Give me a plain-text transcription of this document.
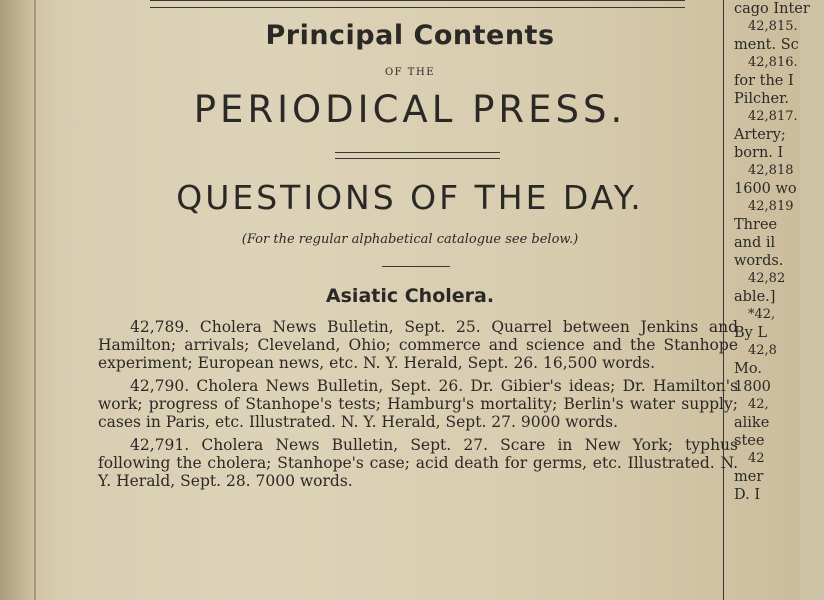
Principal Contents
OF THE
PERIODICAL PRESS.
QUESTIONS OF THE DAY.
(For the regular alphabetical catalogue see below.)
Asiatic Cholera.

42,789. Cholera News Bulletin, Sept. 25. Quarrel between Jenkins and Hamilton; arrivals; Cleveland, Ohio; commerce and science and the Stanhope experiment; European news, etc. N. Y. Herald, Sept. 26. 16,500 words.

42,790. Cholera News Bulletin, Sept. 26. Dr. Gibier's ideas; Dr. Hamilton's work; progress of Stanhope's tests; Hamburg's mortality; Berlin's water supply; cases in Paris, etc. Illustrated. N. Y. Herald, Sept. 27. 9000 words.

42,791. Cholera News Bulletin, Sept. 27. Scare in New York; typhus following the cholera; Stanhope's case; acid death for germs, etc. Illustrated. N. Y. Herald, Sept. 28. 7000 words.

cago Inter
42,815.
ment. Sc
42,816.
for the I
Pilcher.
42,817.
Artery;
born. I
42,818
1600 wo
42,819
Three
and il
words.
42,82
able.]
*42,
By L
42,8
Mo.
1800
42,
alike
stee
42
mer
D. I
